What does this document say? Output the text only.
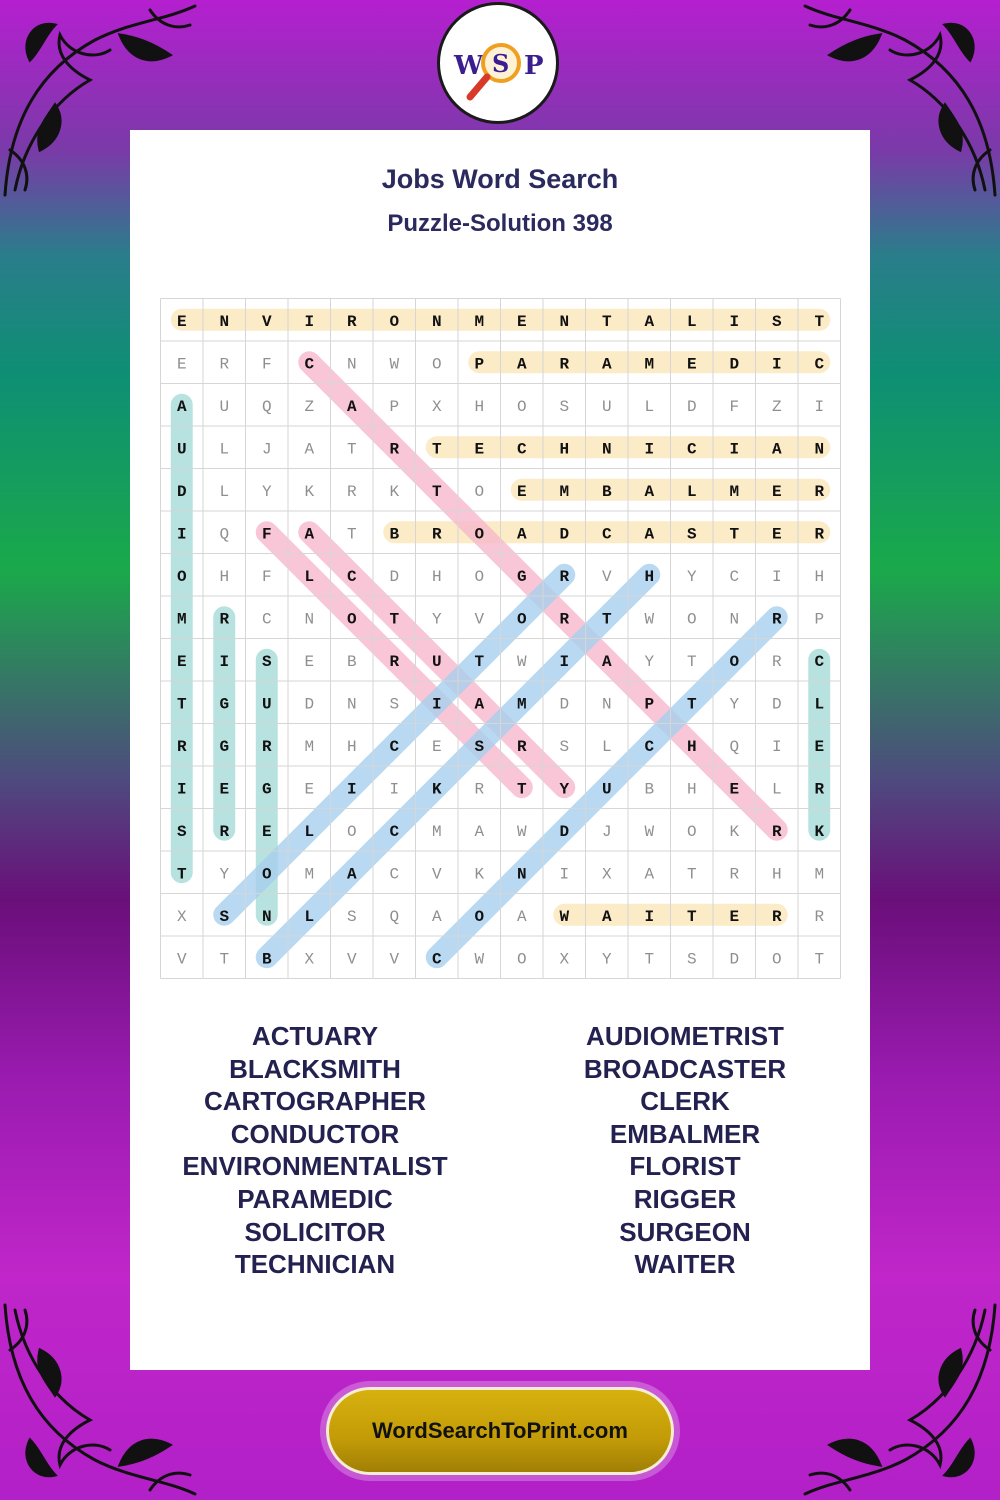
W S P
Jobs Word Search
Puzzle-Solution 398
E N V I R O N M E N T A L I S T
E R F C N W O P A R A M E D I C
A U Q Z A P X H O S U L D F Z I
U L J A T R T E C H N I C I A N
D L Y K R K T O E M B A L M E R
I Q F A T B R O A D C A S T E R
O H F L C D H O G R V H Y C I H
M R C N O T Y V O R T W O N R P
E I S E B R U T W I A Y T O R C
T G U D N S I A M D N P T Y D L
R G R M H C E S R S L C H Q I E
I E G E I I K R T Y U B H E L R
S R E L O C M A W D J W O K R K
T Y O M A C V K N I X A T R H M
X S N L S Q A O A W A I T E R R
V T B X V V C W O X Y T S D O T
ACTUARY
BLACKSMITH
CARTOGRAPHER
CONDUCTOR
ENVIRONMENTALIST
PARAMEDIC
SOLICITOR
TECHNICIAN
AUDIOMETRIST
BROADCASTER
CLERK
EMBALMER
FLORIST
RIGGER
SURGEON
WAITER
WordSearchToPrint.com
